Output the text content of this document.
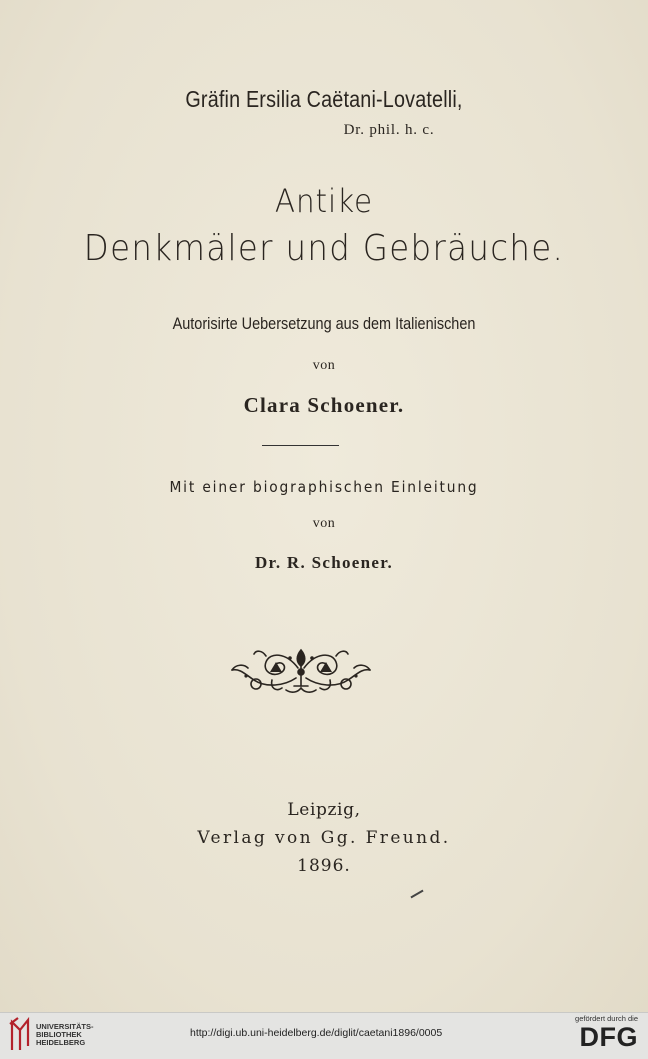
Gräfin Ersilia Caëtani-Lovatelli,
Dr. phil. h. c.
Antike
Denkmäler und Gebräuche.
Autorisirte Uebersetzung aus dem Italienischen
von
Clara Schoener.
Mit einer biographischen Einleitung
von
Dr. R. Schoener.
Leipzig,
Verlag von Gg. Freund.
1896.
UNIVERSITÄTS-
BIBLIOTHEK
HEIDELBERG
http://digi.ub.uni-heidelberg.de/diglit/caetani1896/0005
gefördert durch die
DFG
